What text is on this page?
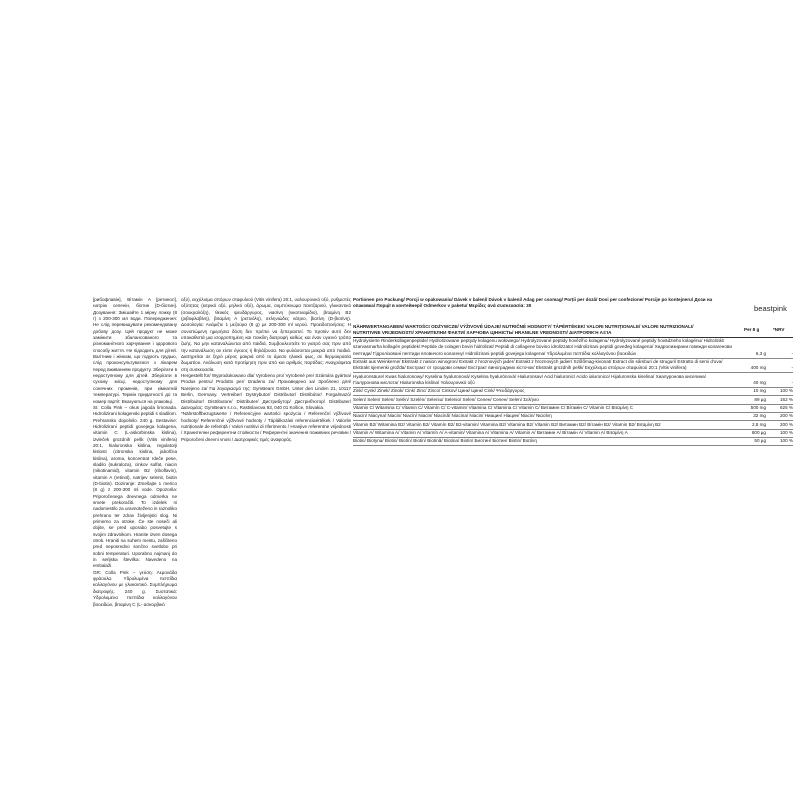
[рибофлавін], Вітамін A [ретинол], натрію селенін, біотин [D-біотин]. Дозування: Змішайте 1 мірну ложку (8 г) з 200-300 мл води. Попередження: Не слід перевищувати рекомендовану добову дозу. Цей продукт не може замінити збалансованого та різноманітного харчування і здорового способу життя. Не підходить для дітей. Вагітним і жінкам, що годують грудью, слід проконсультуватися з лікарем перед вживанням продукту. Зберігати в недоступному для дітей. Зберігати в сухому місці, недоступному для сонячних променів, при кімнатній температурі. Термін придатності до та номер партії: Вказуються на упаковці.

SI: Colla Pink – okus jagoda limonada. Hidrolizirani kolagenski peptidi s sladilom. Prehransko dopolnilo. 240 g. Sestavine: Hidrolizirani peptidi govejega kolagena, vitamin C (L-askorbinska kislina), izvleček grozdnih pešk (Vitis vinifera) 20:1, hialuronska kislina, regulatorji kislosti (citronska kislina, jabolčna kislina), aroma, koncentrat rdeče pese, sladilo (sukraloza), cinkov sulfat, niacin (nikotinamid), vitamin B2 (riboflavin), vitamin A (retinol), natrijev selenit, biotin (D-biotin). Doziranje: Zmešajte 1 merico (8 g) z 200-300 ml vode. Opozorila: Priporočenega dnevnega odmerka ne smete prekoračiti. To izdelek ni nadomestilo za uravnoteženo in raznoliko prehrano ter zdrav življenjski slog. Ni primerno za otroke. Če ste noseči ali dojite, se pred uporabo posvetujte s svojim zdravnikom. Hranite izven dosega otrok. Hraniti na suhem mestu, zaščiteno pred neposredno sončno svetlobo pri sobni temperaturi. Uporabno najmanj do in serijska številka: Navedeno na embalaži.

GR: Colla Pink – γεύση: Λεμονάδα φράουλα. Υδρολυμένα πεπτίδια κολλαγόνου με γλυκαντικό. Συμπλήρωμα διατροφής. 240 g. Συστατικά: Υδρολυμένα πεπτίδια κολλαγόνου βοοειδών, βιταμίνη C (L- ασκορβικό

οξύ), εκχύλισμα σπόρων σταφυλιού (Vitis vinifera) 20:1, υαλουρονικό οξύ, ρυθμιστές οξύτητας (κιτρικό οξύ, μηλικό οξύ), άρωμα, συμπύκνωμα παντζαριού, γλυκαντικό (σουκραλόζη), θειικός ψευδάργυρος, νιασίνη (νικοτιναμίδιο), βιταμίνη B2 (ριβοφλαβίνη), βιταμίνη A (ρετινόλη), σεληνιώδες νάτριο, βιοτίνη (D-βιοτίνη). Δοσολογία: Ανάμιξτε 1 μεζούρα (8 g) με 200-300 ml νερού. Προειδοποιήσεις: Η συνιστώμενη ημερήσια δόση δεν πρέπει να ξεπεραστεί. Το προϊόν αυτό δεν υποκαθιστά μια ισορροπημένη και ποικίλη διατροφή καθώς και έναν υγιεινό τρόπο ζωής. Να μην καταναλώνεται από παιδιά. Συμβουλευτείτε το γιατρό σας πριν από την κατανάλωση αν είστε έγκυος ή θηλάζουσα. Να φυλάσσεται μακριά από παιδιά. Διατηρείται σε ξηρό μέρος μακριά από το άμεσο ηλιακό φως, σε θερμοκρασία δωματίου. Ανάλωση κατά προτίμηση πριν από και αριθμός παρτίδας: Αναγράφεται στη συσκευασία.

Hergestellt für/ Wyprodukowano dla/ Vyrobeno pro/ Vyrobené pre/ Számára gyártva/ Produs pentru/ Prodotto per/ Izradeno za/ Произведено за/ Зроблено для/ Narejeno za/ Για λογαριασμό της: GymBeam GmbH, Unter den Linden 21, 10117 Berlin, Germany. Vertreiber/ Dystrybutor/ Distributor/ Distribútor/ Forgalmazó/ Distribuitor/ Distributore/ Distributer/ Дистрибутор/ Дистриб'ютор/ Distributer/ Διανομέας: GymBeam s.r.o., Rastislavova 93, 040 01 Košice, Slovakia.

*Nährstoffbezugswerte / Referencyjne wartości spożycia / Referenční výživové hodnoty/ Referenčné výživové hodnoty / Táplálkozási referenciaértékek / Valorile nutriționale de referință / Valori nutritivi di riferimento / Hranjive referentne vrijednosti / Хранителни референтни стойности / Референтні значення поживних речовин / Priporočeni dnevni vnosi / Διατροφικές τιμές αναφοράς.

beastpink

Portionen pro Packung/ Porcji w opakowaniu/ Dávek v balení/ Dávok v balení/ Adag per csomag/ Porții per doză/ Dosi per confezione/ Porcije po kontejneru/ Дози на опаковка/ Порції в контейнері/ Odmerkov v paketu/ Μερίδες ανά συσκευασία: 30

NÄHRWERTANGABEN/ WARTOŚCI ODŻYWCZE/ VÝŽIVOVÉ ÚDAJE/ NUTRIČNÉ HODNOTY/ TÁPÉRTÉKEK/ VALORI NUTRIȚIONALE/ VALORI NUTRIZIONALI/ NUTRITIVNE VRIJEDNOSTI/ ХРАНИТЕЛНИ ФАКТИ/ ХАРЧОВА ЦІННІСТЬ/ HRANILNE VREDNOSTI/ ΔΙΑΤΡΟΦΙΚΉ ΑΞΊΑ
Per 8 g	*NRV
Hydrolysierte Rinderkollagenpeptide/ Hydrolizowane peptydy kolagenu wołowego/ Hydrolyzované peptidy hovězího kolagenu/ Hydrolyzované peptidy hovädzieho kolagénu/ Hidrolizált szarvasmarha kollagén peptidek/ Peptide de colagen bovin hidrolizat/ Peptidi di collagene bovino idrolizzato/ Hidrolizirani peptidi goveđeg kolagena/ Хидролизирани говежди колагенови пептиди/ Гідролізовані пептиди яловичого колагену/ Hidrolizirani peptidi govejega kolagena/ Υδρολυμένα πεπτίδια κολλαγόνου βοοειδών	6,3 g	-
Extrakt aus Weinkerne/ Ekstrakt z nasion winogron/ Extrakt z hroznových jader/ Extrakt z hroznových jadier/ Szőlőmag-kivonat/ Extract din sâmburi de struguri/ Estratto di semi d'uva/ Ekstrakt sjemenki grožđa/ Екстракт от гроздови семки/ Екстракт виноградних кісточок/ Ekstrakt grozdnih pešk/ Εκχύλισμα σπόρων σταφυλιού 20:1 (Vitis vinifera)	400 mg	-
Hyaluronsäure/ Kwas hialuronowy/ Kyselina hyaluronová/ Kyselina hyalurónová/ Hialuronsav/ Acid hialuronic/ Acido ialuronico/ Hijaluronska kiselina/ Хиалуронова киселина/ Гіалуронова кислота/ Hialuronska kislina/ Υαλουρονικό οξύ	40 mg	-
Zink/ Cynk/ Zinek/ Zinok/ Cink/ Zinc/ Zinco/ Cinkov/ Цинк/ Цинк/ Cink/ Ψευδάργυρος	10 mg	100 %
Selen/ Selen/ Selen/ Selén/ Szelén/ Seleniu/ Selenio/ Selen/ Селен/ Селен/ Selen/ Σελήνιο	89 µg	162 %
Vitamin C/ Witamina C/ Vitamin C/ Vitamín C/ C-vitamin/ Vitamina C/ Vitamina C/ Vitamin C/ Витамин C/ Вітамін C/ Vitamin C/ Βιταμίνη C	500 mg	625 %
Niacin/ Niacyna/ Niacin/ Niacín/ Niacin/ Niacină/ Niacina/ Niacin/ Ниацин/ Ніацин/ Niacin/ Νιασίνη	32 mg	200 %
Vitamin B2/ Witamina B2/ Vitamin B2/ Vitamín B2/ B2-vitamin/ Vitamina B2/ Vitamina B2/ Vitamin B2/ Витамин B2/ Вітамін B2/ Vitamin B2/ Βιταμίνη B2	2,8 mg	200 %
Vitamin A/ Witamina A/ Vitamin A/ Vitamín A/ A-vitamin/ Vitamina A/ Vitamina A/ Vitamin A/ Витамин A/ Вітамін A/ Vitamin A/ Βιταμίνη A	800 µg	100 %
Biotin/ Biotyna/ Biotin/ Biotín/ Biotin/ Biotină/ Biotina/ Biotin/ Биотин/ Біотин/ Biotin/ Βιοτίνη	50 µg	100 %
